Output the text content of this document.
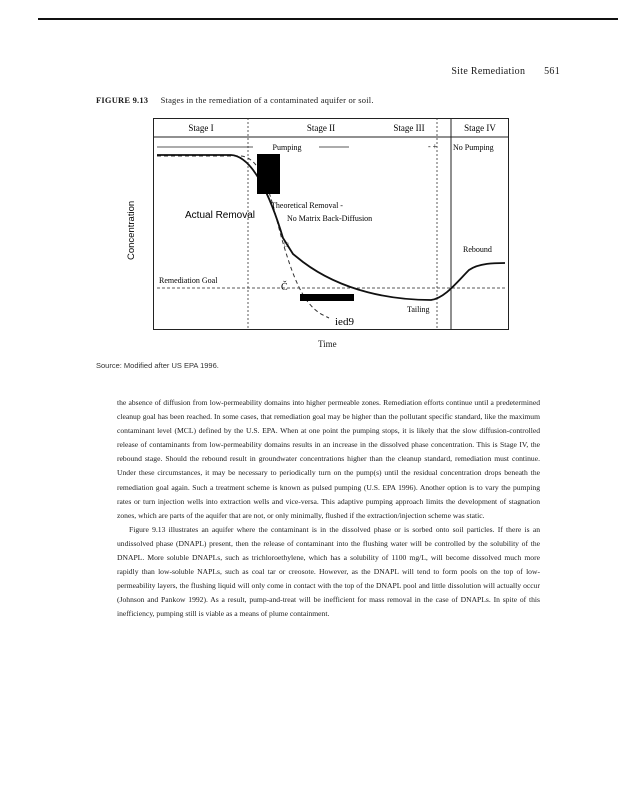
Site Remediation 561
FIGURE 9.13 Stages in the remediation of a contaminated aquifer or soil.
Stage I	Stage II	Stage III	Stage IV
Pumping	- + No Pumping
Remediation Goal
Theoretical Removal -
No Matrix Back-Diffusion
Actual Removal
Rebound
Tailing
ied9
Č
□
Concentration
Time
Source: Modified after US EPA 1996.

the absence of diffusion from low-permeability domains into higher permeable zones. Remediation efforts continue until a predetermined cleanup goal has been reached. In some cases, that remediation goal may be higher than the pollutant specific standard, like the maximum contaminant level (MCL) defined by the U.S. EPA. When at one point the pumping stops, it is likely that the slow diffusion-controlled release of contaminants from low-permeability domains results in an increase in the dissolved phase concentration. This is Stage IV, the rebound stage. Should the rebound result in groundwater concentrations higher than the cleanup standard, remediation must continue. Under these circumstances, it may be necessary to periodically turn on the pump(s) until the residual concentration drops beneath the remediation goal again. Such a treatment scheme is known as pulsed pumping (U.S. EPA 1996). Another option is to vary the pumping rates or turn injection wells into extraction wells and vice-versa. This adaptive pumping approach limits the development of stagnation zones, which are parts of the aquifer that are not, or only minimally, flushed if the extraction/injection scheme was static.

Figure 9.13 illustrates an aquifer where the contaminant is in the dissolved phase or is sorbed onto soil particles. If there is an undissolved phase (DNAPL) present, then the release of contaminant into the flushing water will be controlled by the solubility of the DNAPL. More soluble DNAPLs, such as trichloroethylene, which has a solubility of 1100 mg/L, will become dissolved much more rapidly than low-soluble NAPLs, such as coal tar or creosote. However, as the DNAPL will tend to form pools on the top of low-permeability layers, the flushing liquid will only come in contact with the top of the DNAPL pool and little dissolution will actually occur (Johnson and Pankow 1992). As a result, pump-and-treat will be inefficient for mass removal in the case of DNAPLs. In spite of this inefficiency, pumping still is viable as a means of plume containment.
